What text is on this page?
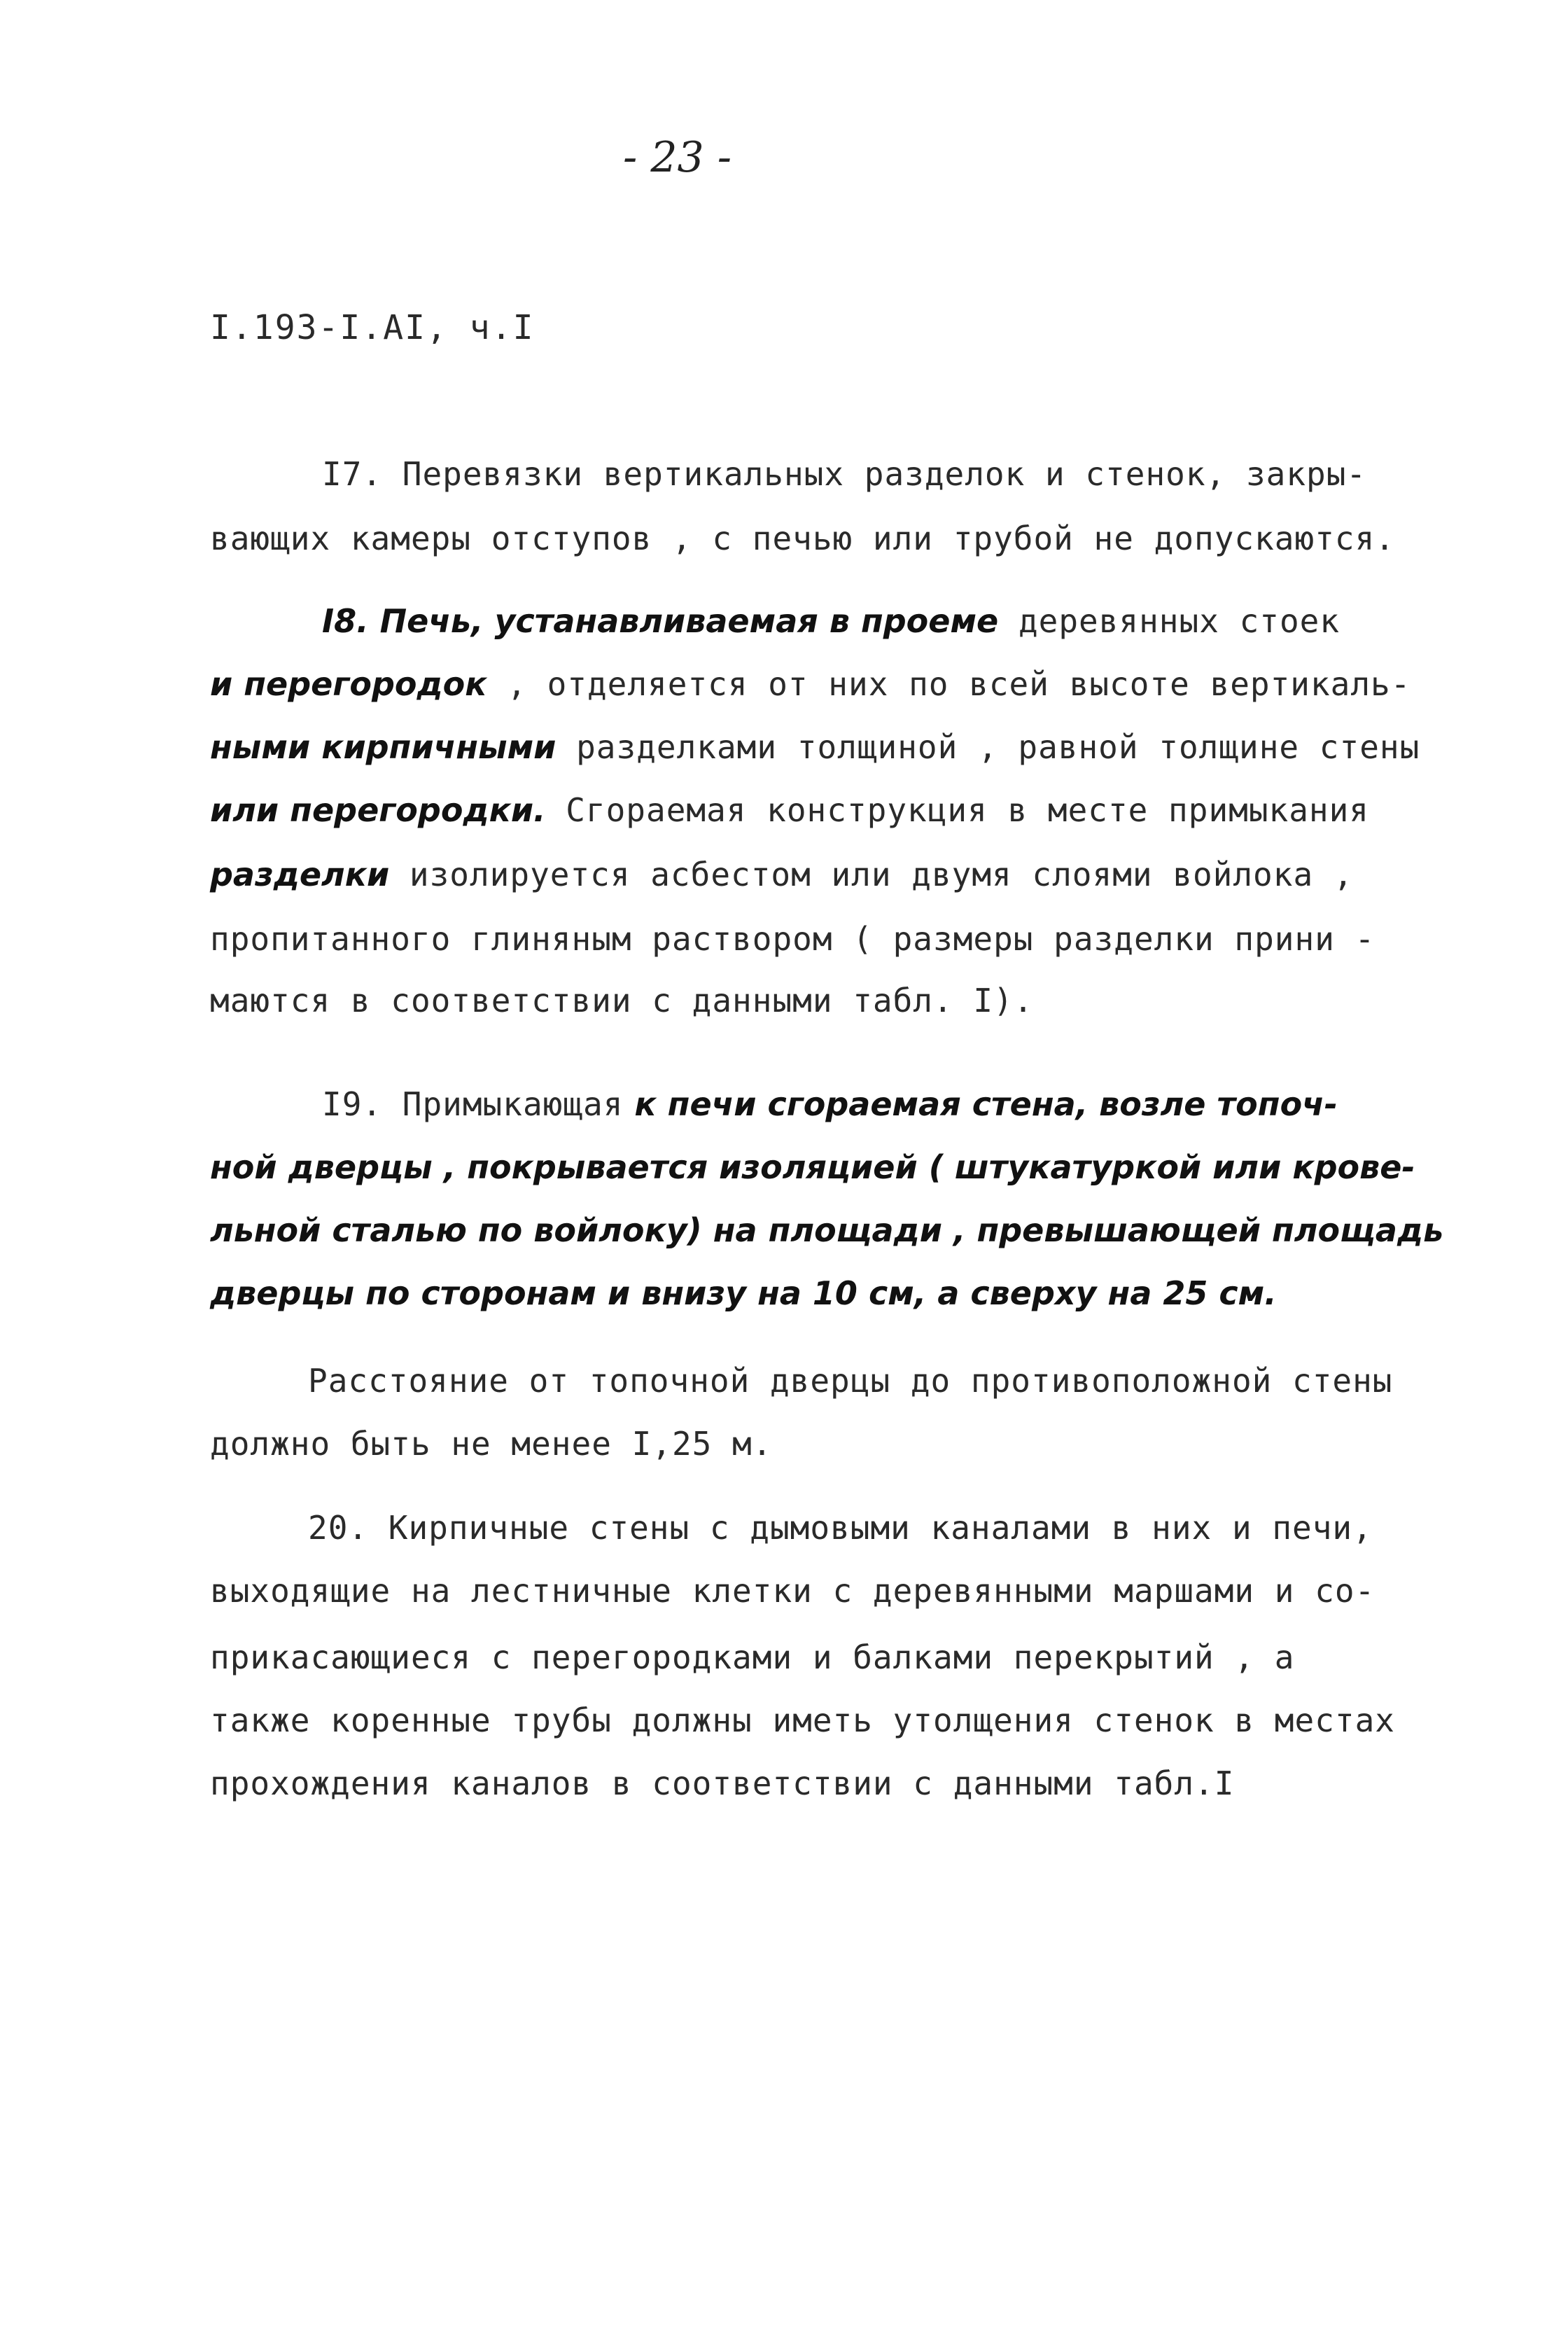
- 23 -
I.193-I.AI, ч.I
I7. Перевязки вертикальных разделок и стенок, закры-
вающих камеры отступов , с печью или трубой не допускаются.
I8. Печь, устанавливаемая в проеме деревянных стоек
и перегородок , отделяется от них по всей высоте вертикаль-
ными кирпичными разделками толщиной , равной толщине стены
или перегородки. Сгораемая конструкция в месте примыкания
разделки изолируется асбестом или двумя слоями войлока ,
пропитанного глиняным раствором ( размеры разделки прини -
маются в соответствии с данными табл. I).
I9. Примыкающая к печи сгораемая стена, возле топоч-
ной дверцы , покрывается изоляцией ( штукатуркой или крове-
льной сталью по войлоку) на площади , превышающей площадь
дверцы по сторонам и внизу на 10 см, а сверху на 25 см.
Расстояние от топочной дверцы до противоположной стены
должно быть не менее I,25 м.
20. Кирпичные стены с дымовыми каналами в них и печи,
выходящие на лестничные клетки с деревянными маршами и со-
прикасающиеся с перегородками и балками перекрытий , а
также коренные трубы должны иметь утолщения стенок в местах
прохождения каналов в соответствии с данными табл.I
